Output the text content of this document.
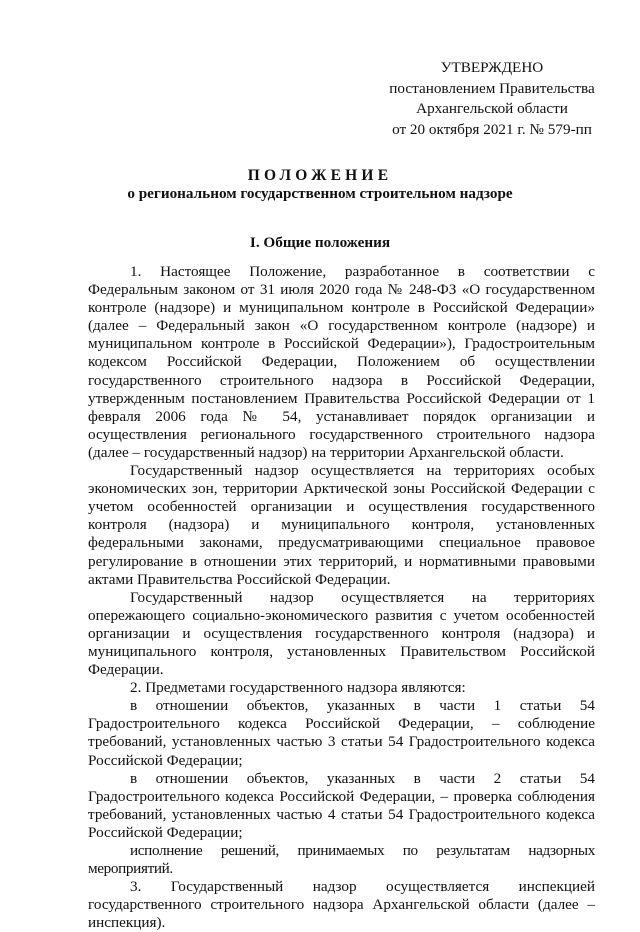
УТВЕРЖДЕНО
постановлением Правительства
Архангельской области
от 20 октября 2021 г. № 579-пп
ПОЛОЖЕНИЕ
о региональном государственном строительном надзоре
I. Общие положения

1. Настоящее Положение, разработанное в соответствии с Федеральным законом от 31 июля 2020 года № 248-ФЗ «О государственном контроле (надзоре) и муниципальном контроле в Российской Федерации» (далее – Федеральный закон «О государственном контроле (надзоре) и муниципальном контроле в Российской Федерации»), Градостроительным кодексом Российской Федерации, Положением об осуществлении государственного строительного надзора в Российской Федерации, утвержденным постановлением Правительства Российской Федерации от 1 февраля 2006 года № 54, устанавливает порядок организации и осуществления регионального государственного строительного надзора (далее – государственный надзор) на территории Архангельской области.

Государственный надзор осуществляется на территориях особых экономических зон, территории Арктической зоны Российской Федерации с учетом особенностей организации и осуществления государственного контроля (надзора) и муниципального контроля, установленных федеральными законами, предусматривающими специальное правовое регулирование в отношении этих территорий, и нормативными правовыми актами Правительства Российской Федерации.

Государственный надзор осуществляется на территориях опережающего социально-экономического развития с учетом особенностей организации и осуществления государственного контроля (надзора) и муниципального контроля, установленных Правительством Российской Федерации.

2. Предметами государственного надзора являются:

в отношении объектов, указанных в части 1 статьи 54 Градостроительного кодекса Российской Федерации, – соблюдение требований, установленных частью 3 статьи 54 Градостроительного кодекса Российской Федерации;

в отношении объектов, указанных в части 2 статьи 54 Градостроительного кодекса Российской Федерации, – проверка соблюдения требований, установленных частью 4 статьи 54 Градостроительного кодекса Российской Федерации;

исполнение решений, принимаемых по результатам надзорных мероприятий.

3. Государственный надзор осуществляется инспекцией государственного строительного надзора Архангельской области (далее –инспекция).
